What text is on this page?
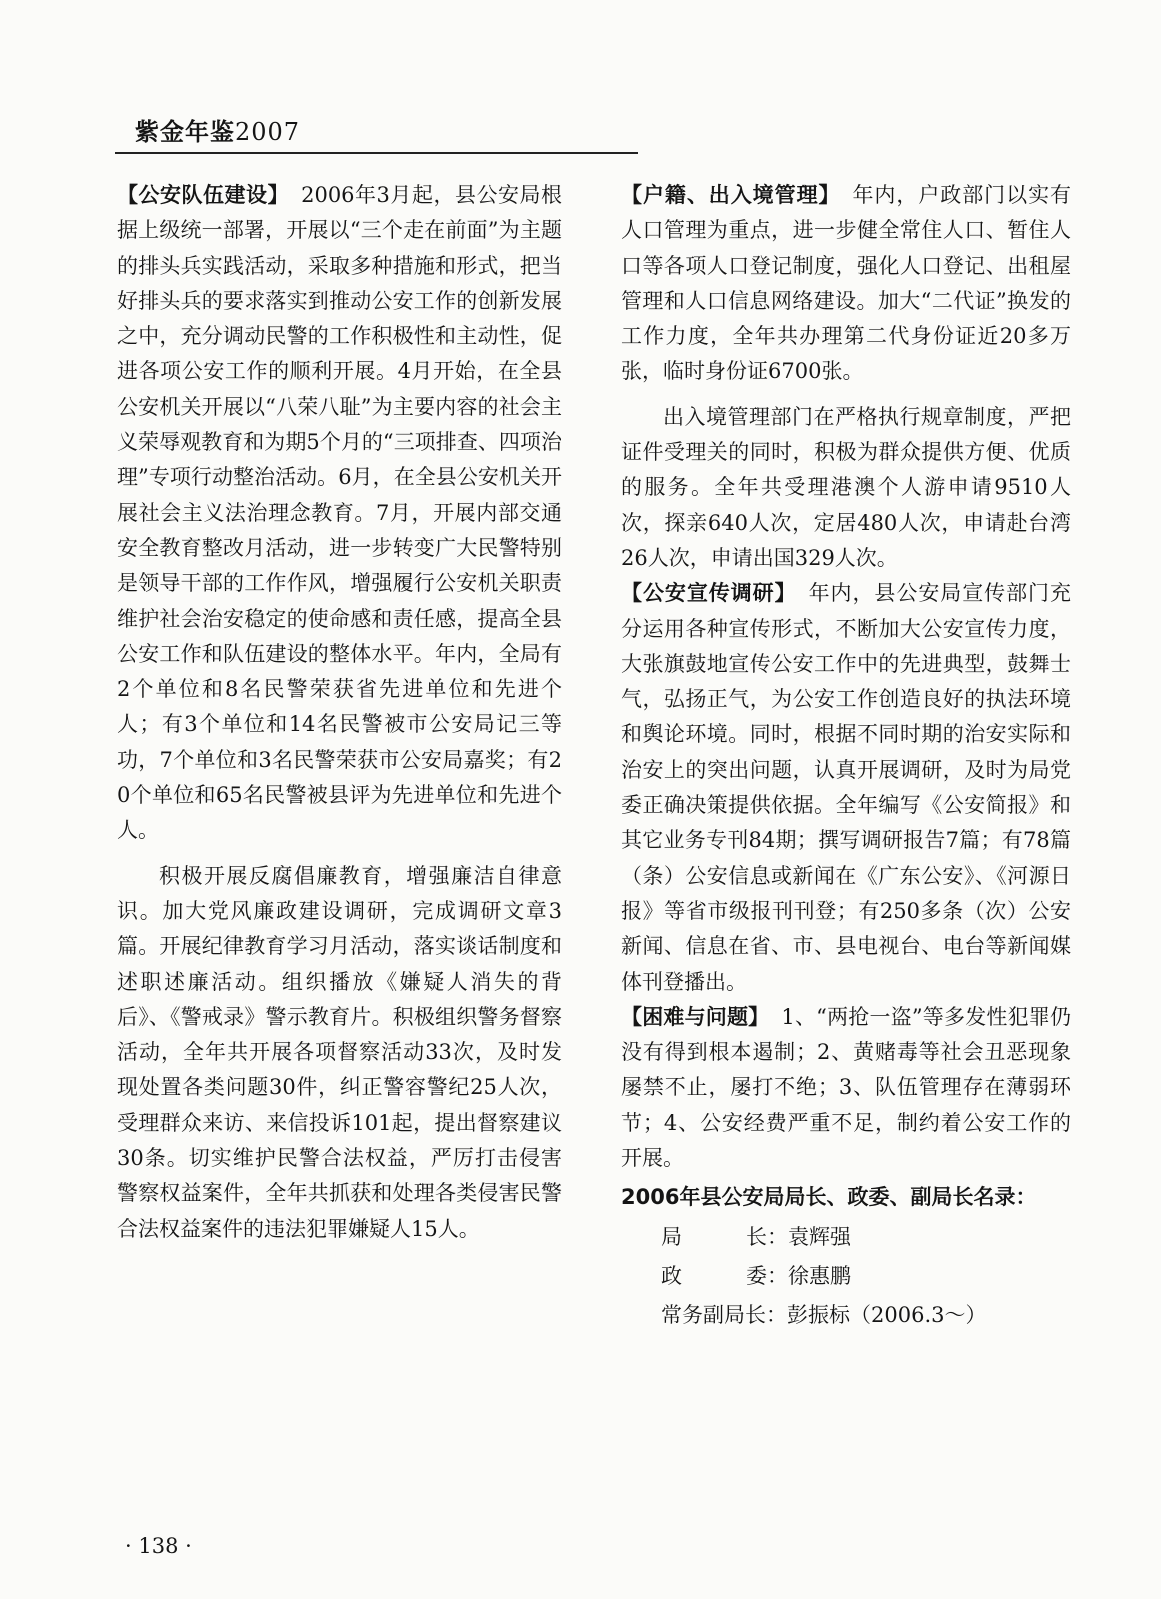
紫金年鉴2007

【公安队伍建设】 2006年3月起，县公安局根据上级统一部署，开展以“三个走在前面”为主题的排头兵实践活动，采取多种措施和形式，把当好排头兵的要求落实到推动公安工作的创新发展之中，充分调动民警的工作积极性和主动性，促进各项公安工作的顺利开展。4月开始，在全县公安机关开展以“八荣八耻”为主要内容的社会主义荣辱观教育和为期5个月的“三项排查、四项治理”专项行动整治活动。6月，在全县公安机关开展社会主义法治理念教育。7月，开展内部交通安全教育整改月活动，进一步转变广大民警特别是领导干部的工作作风，增强履行公安机关职责维护社会治安稳定的使命感和责任感，提高全县公安工作和队伍建设的整体水平。年内，全局有2个单位和8名民警荣获省先进单位和先进个人；有3个单位和14名民警被市公安局记三等功，7个单位和3名民警荣获市公安局嘉奖；有20个单位和65名民警被县评为先进单位和先进个人。

积极开展反腐倡廉教育，增强廉洁自律意识。加大党风廉政建设调研，完成调研文章3篇。开展纪律教育学习月活动，落实谈话制度和述职述廉活动。组织播放《嫌疑人消失的背后》、《警戒录》警示教育片。积极组织警务督察活动，全年共开展各项督察活动33次，及时发现处置各类问题30件，纠正警容警纪25人次，受理群众来访、来信投诉101起，提出督察建议30条。切实维护民警合法权益，严厉打击侵害警察权益案件，全年共抓获和处理各类侵害民警合法权益案件的违法犯罪嫌疑人15人。

【户籍、出入境管理】 年内，户政部门以实有人口管理为重点，进一步健全常住人口、暂住人口等各项人口登记制度，强化人口登记、出租屋管理和人口信息网络建设。加大“二代证”换发的工作力度，全年共办理第二代身份证近20多万张，临时身份证6700张。

出入境管理部门在严格执行规章制度，严把证件受理关的同时，积极为群众提供方便、优质的服务。全年共受理港澳个人游申请9510人次，探亲640人次，定居480人次，申请赴台湾26人次，申请出国329人次。

【公安宣传调研】 年内，县公安局宣传部门充分运用各种宣传形式，不断加大公安宣传力度，大张旗鼓地宣传公安工作中的先进典型，鼓舞士气，弘扬正气，为公安工作创造良好的执法环境和舆论环境。同时，根据不同时期的治安实际和治安上的突出问题，认真开展调研，及时为局党委正确决策提供依据。全年编写《公安简报》和其它业务专刊84期；撰写调研报告7篇；有78篇（条）公安信息或新闻在《广东公安》、《河源日报》等省市级报刊刊登；有250多条（次）公安新闻、信息在省、市、县电视台、电台等新闻媒体刊登播出。

【困难与问题】 1、“两抢一盗”等多发性犯罪仍没有得到根本遏制；2、黄赌毒等社会丑恶现象屡禁不止，屡打不绝；3、队伍管理存在薄弱环节；4、公安经费严重不足，制约着公安工作的开展。

2006年县公安局局长、政委、副局长名录：

局长：袁辉强

政委：徐惠鹏

常务副局长：彭振标（2006.3～）

· 138 ·
